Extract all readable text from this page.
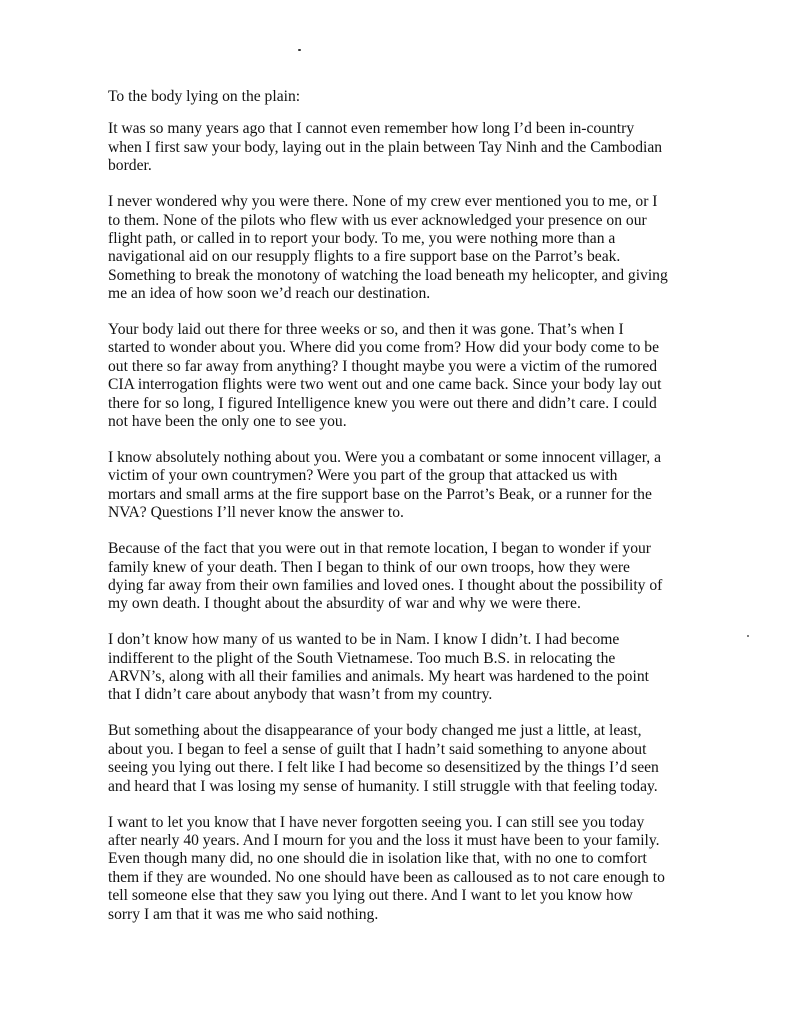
To the body lying on the plain:
It was so many years ago that I cannot even remember how long I’d been in-country
when I first saw your body, laying out in the plain between Tay Ninh and the Cambodian
border.
I never wondered why you were there. None of my crew ever mentioned you to me, or I
to them. None of the pilots who flew with us ever acknowledged your presence on our
flight path, or called in to report your body. To me, you were nothing more than a
navigational aid on our resupply flights to a fire support base on the Parrot’s beak.
Something to break the monotony of watching the load beneath my helicopter, and giving
me an idea of how soon we’d reach our destination.
Your body laid out there for three weeks or so, and then it was gone. That’s when I
started to wonder about you. Where did you come from? How did your body come to be
out there so far away from anything? I thought maybe you were a victim of the rumored
CIA interrogation flights were two went out and one came back. Since your body lay out
there for so long, I figured Intelligence knew you were out there and didn’t care. I could
not have been the only one to see you.
I know absolutely nothing about you. Were you a combatant or some innocent villager, a
victim of your own countrymen? Were you part of the group that attacked us with
mortars and small arms at the fire support base on the Parrot’s Beak, or a runner for the
NVA? Questions I’ll never know the answer to.
Because of the fact that you were out in that remote location, I began to wonder if your
family knew of your death. Then I began to think of our own troops, how they were
dying far away from their own families and loved ones. I thought about the possibility of
my own death. I thought about the absurdity of war and why we were there.
I don’t know how many of us wanted to be in Nam. I know I didn’t. I had become
indifferent to the plight of the South Vietnamese. Too much B.S. in relocating the
ARVN’s, along with all their families and animals. My heart was hardened to the point
that I didn’t care about anybody that wasn’t from my country.
But something about the disappearance of your body changed me just a little, at least,
about you. I began to feel a sense of guilt that I hadn’t said something to anyone about
seeing you lying out there. I felt like I had become so desensitized by the things I’d seen
and heard that I was losing my sense of humanity. I still struggle with that feeling today.
I want to let you know that I have never forgotten seeing you. I can still see you today
after nearly 40 years. And I mourn for you and the loss it must have been to your family.
Even though many did, no one should die in isolation like that, with no one to comfort
them if they are wounded. No one should have been as calloused as to not care enough to
tell someone else that they saw you lying out there. And I want to let you know how
sorry I am that it was me who said nothing.
